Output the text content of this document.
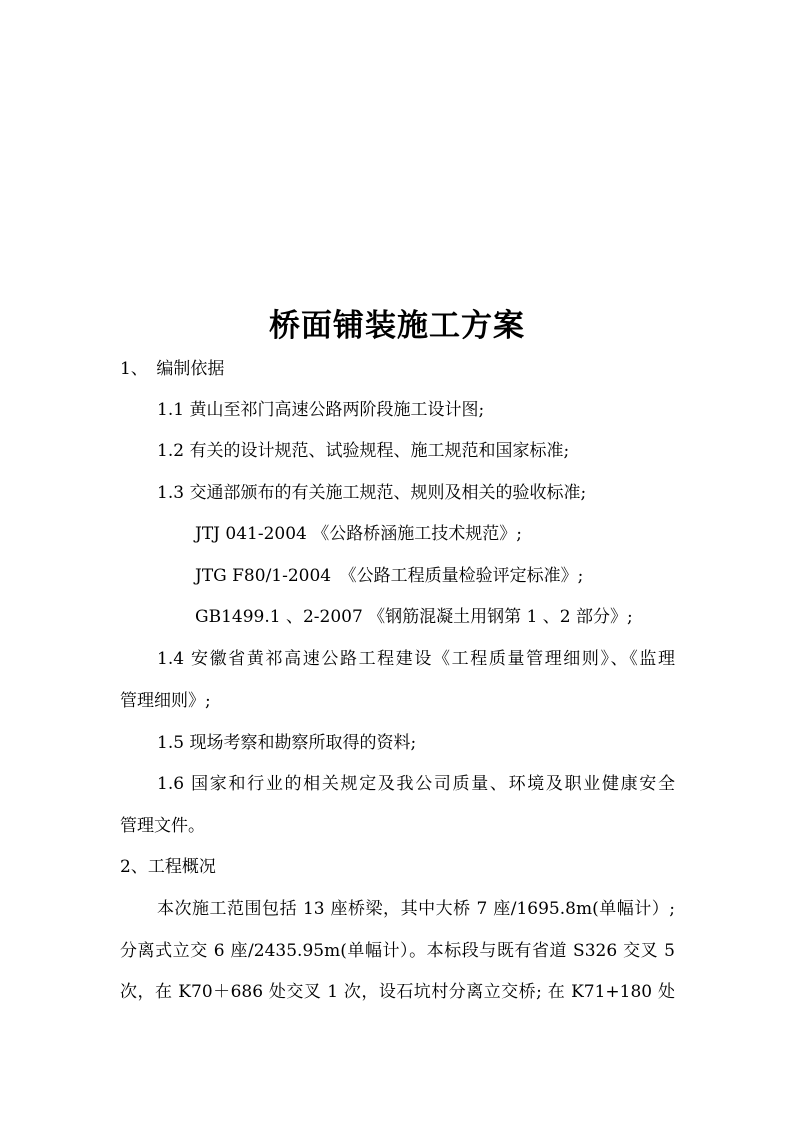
桥面铺装施工方案
1、　编制依据
1.1 黄山至祁门高速公路两阶段施工设计图;
1.2 有关的设计规范、试验规程、施工规范和国家标准;
1.3 交通部颁布的有关施工规范、规则及相关的验收标准;
JTJ 041-2004 《公路桥涵施工技术规范》;
JTG F80/1-2004　《公路工程质量检验评定标准》;
GB1499.1 、2-2007 《钢筋混凝土用钢第 1 、2 部分》;
1.4 安徽省黄祁高速公路工程建设《工程质量管理细则》、《监理
管理细则》;
1.5 现场考察和勘察所取得的资料;
1.6 国家和行业的相关规定及我公司质量、环境及职业健康安全
管理文件。
2、工程概况
本次施工范围包括 13 座桥梁，其中大桥 7 座/1695.8m(单幅计）;
分离式立交 6 座/2435.95m(单幅计）。本标段与既有省道 S326 交叉 5
次，在 K70＋686 处交叉 1 次，设石坑村分离立交桥; 在 K71+180 处
